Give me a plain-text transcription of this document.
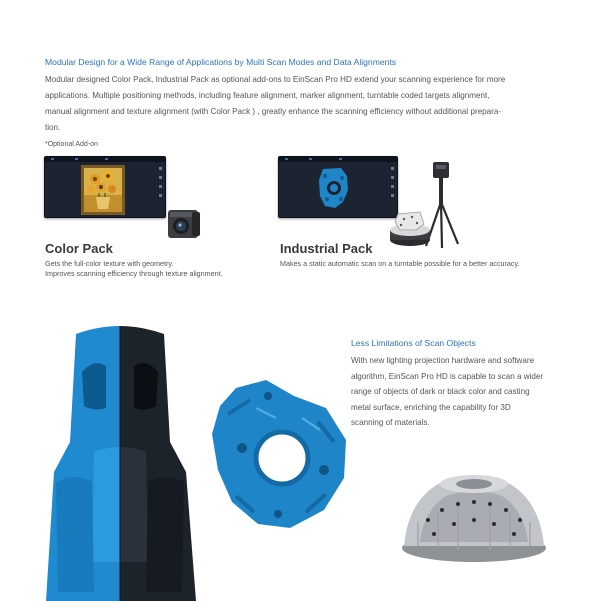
Modular Design for a Wide Range of Applications by Multi Scan Modes and Data Alignments
Modular designed Color Pack, Industrial Pack as optional add-ons to EinScan Pro HD extend your scanning experience for more
applications. Multiple positioning methods, including feature alignment, marker alignment, turntable coded targets alignment,
manual alignment and texture alignment (with Color Pack ) , greatly enhance the scanning efficiency without additional prepara-
tion.
*Optional Add-on
Color Pack
Gets the full-color texture with geometry.
Improves scanning efficiency through texture alignment.
Industrial Pack
Makes a static automatic scan on a turntable possible for a better accuracy.
Less Limitations of Scan Objects
With new lighting projection hardware and software
algorithm, EinScan Pro HD is capable to scan a wider
range of objects of dark or black color and casting
metal surface, enriching the capability for 3D
scanning of materials.
